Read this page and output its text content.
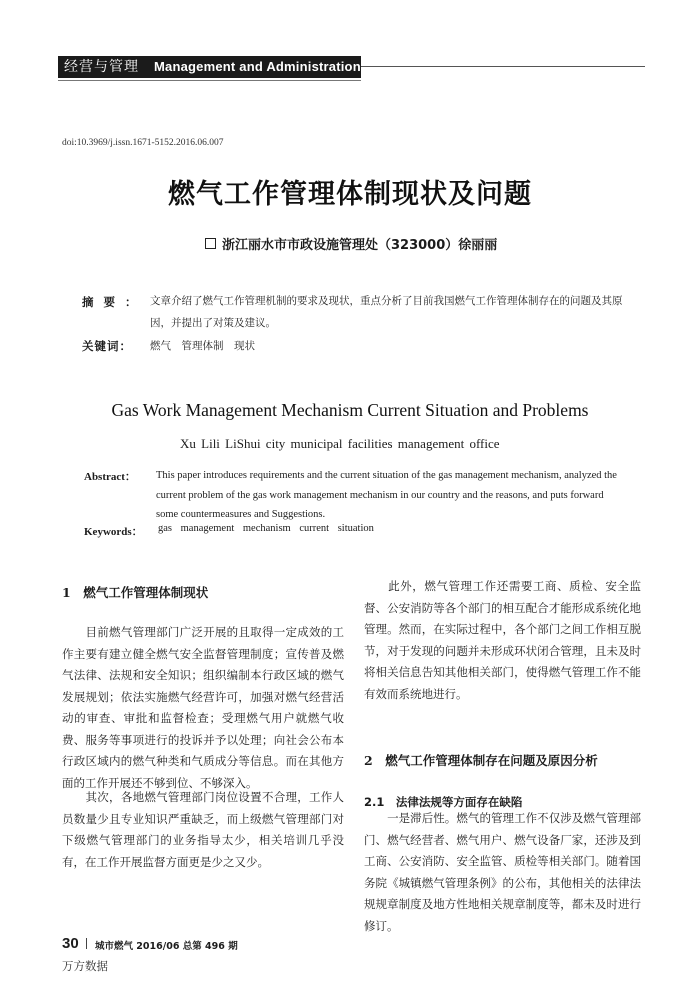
经营与管理 Management and Administration
doi:10.3969/j.issn.1671-5152.2016.06.007
燃气工作管理体制现状及问题
浙江丽水市市政设施管理处（323000）徐丽丽
摘要： 文章介绍了燃气工作管理机制的要求及现状，重点分析了目前我国燃气工作管理体制存在的问题及其原因，并提出了对策及建议。
关键词： 燃气　管理体制　现状
Gas Work Management Mechanism Current Situation and Problems
Xu Lili LiShui city municipal facilities management office
Abstract： This paper introduces requirements and the current situation of the gas management mechanism, analyzed the current problem of the gas work management mechanism in our country and the reasons, and puts forward some countermeasures and Suggestions.
Keywords： gas management mechanism current situation
1　燃气工作管理体制现状
　　目前燃气管理部门广泛开展的且取得一定成效的工作主要有建立健全燃气安全监督管理制度；宣传普及燃气法律、法规和安全知识；组织编制本行政区域的燃气发展规划；依法实施燃气经营许可，加强对燃气经营活动的审查、审批和监督检查；受理燃气用户就燃气收费、服务等事项进行的投诉并予以处理；向社会公布本行政区域内的燃气种类和气质成分等信息。而在其他方面的工作开展还不够到位、不够深入。
　　其次，各地燃气管理部门岗位设置不合理，工作人员数量少且专业知识严重缺乏，而上级燃气管理部门对下级燃气管理部门的业务指导太少，相关培训几乎没有，在工作开展监督方面更是少之又少。
　　此外，燃气管理工作还需要工商、质检、安全监督、公安消防等各个部门的相互配合才能形成系统化地管理。然而，在实际过程中，各个部门之间工作相互脱节，对于发现的问题并未形成环状闭合管理，且未及时将相关信息告知其他相关部门，使得燃气管理工作不能有效而系统地进行。
2　燃气工作管理体制存在问题及原因分析
2.1　法律法规等方面存在缺陷
　　一是滞后性。燃气的管理工作不仅涉及燃气管理部门、燃气经营者、燃气用户、燃气设备厂家，还涉及到工商、公安消防、安全监管、质检等相关部门。随着国务院《城镇燃气管理条例》的公布，其他相关的法律法规规章制度及地方性地相关规章制度等，都未及时进行修订。
30 城市燃气 2016/06 总第 496 期
万方数据
